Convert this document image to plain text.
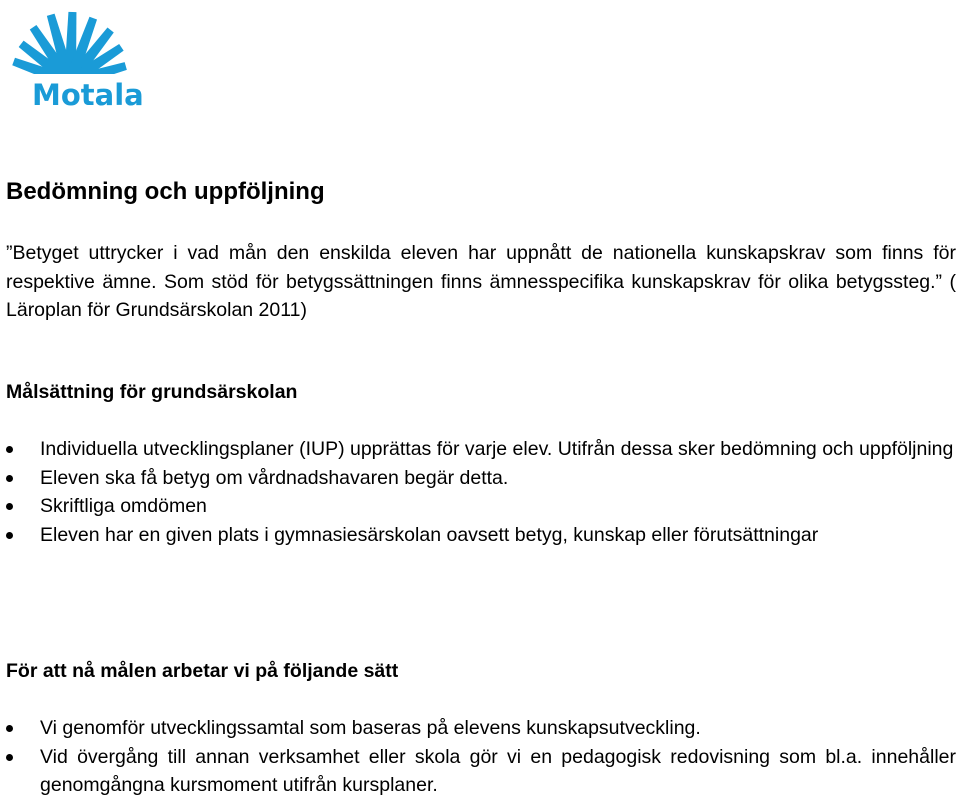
Motala
Bedömning och uppföljning

”Betyget uttrycker i vad mån den enskilda eleven har uppnått de nationella kunskapskrav som finns för respektive ämne. Som stöd för betygssättningen finns ämnesspecifika kunskapskrav för olika betygssteg.” ( Läroplan för Grundsärskolan 2011)

Målsättning för grundsärskolan
Individuella utvecklingsplaner (IUP) upprättas för varje elev. Utifrån dessa sker bedömning och uppföljning
Eleven ska få betyg om vårdnadshavaren begär detta.
Skriftliga omdömen
Eleven har en given plats i gymnasiesärskolan oavsett betyg, kunskap eller förutsättningar
För att nå målen arbetar vi på följande sätt
Vi genomför utvecklingssamtal som baseras på elevens kunskapsutveckling.
Vid övergång till annan verksamhet eller skola gör vi en pedagogisk redovisning som bl.a. innehåller genomgångna kursmoment utifrån kursplaner.
